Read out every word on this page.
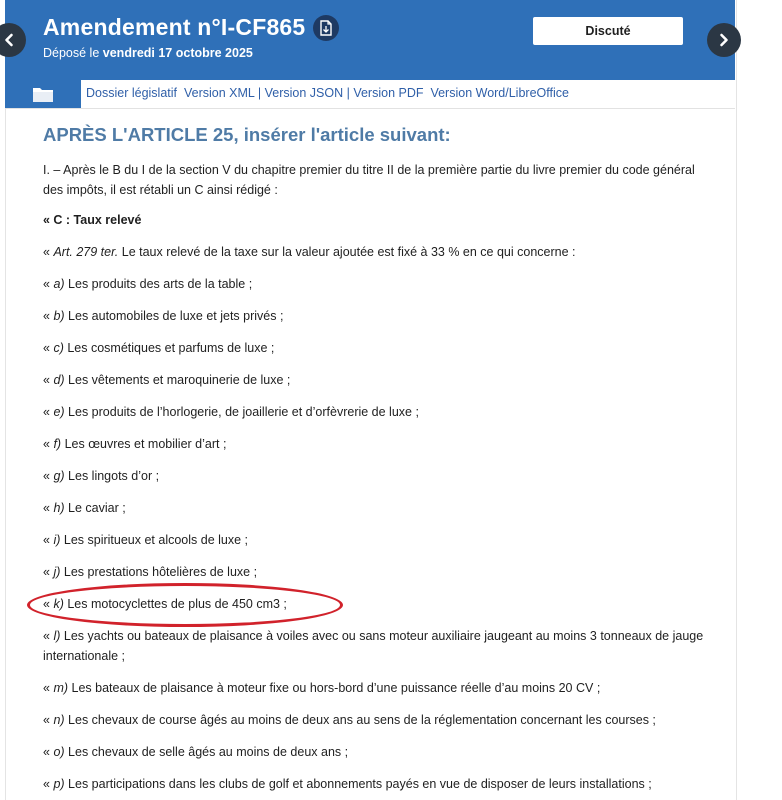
Amendement n°I-CF865
Déposé le vendredi 17 octobre 2025
Discuté
Dossier législatif Version XML | Version JSON | Version PDF Version Word/LibreOffice
APRÈS L'ARTICLE 25, insérer l'article suivant:
I. – Après le B du I de la section V du chapitre premier du titre II de la première partie du livre premier du code général des impôts, il est rétabli un C ainsi rédigé :
« C : Taux relevé
« Art. 279 ter. Le taux relevé de la taxe sur la valeur ajoutée est fixé à 33 % en ce qui concerne :
« a) Les produits des arts de la table ;
« b) Les automobiles de luxe et jets privés ;
« c) Les cosmétiques et parfums de luxe ;
« d) Les vêtements et maroquinerie de luxe ;
« e) Les produits de l’horlogerie, de joaillerie et d’orfèvrerie de luxe ;
« f) Les œuvres et mobilier d’art ;
« g) Les lingots d’or ;
« h) Le caviar ;
« i) Les spiritueux et alcools de luxe ;
« j) Les prestations hôtelières de luxe ;
« k) Les motocyclettes de plus de 450 cm3 ;
« l) Les yachts ou bateaux de plaisance à voiles avec ou sans moteur auxiliaire jaugeant au moins 3 tonneaux de jauge internationale ;
« m) Les bateaux de plaisance à moteur fixe ou hors-bord d’une puissance réelle d’au moins 20 CV ;
« n) Les chevaux de course âgés au moins de deux ans au sens de la réglementation concernant les courses ;
« o) Les chevaux de selle âgés au moins de deux ans ;
« p) Les participations dans les clubs de golf et abonnements payés en vue de disposer de leurs installations ;
